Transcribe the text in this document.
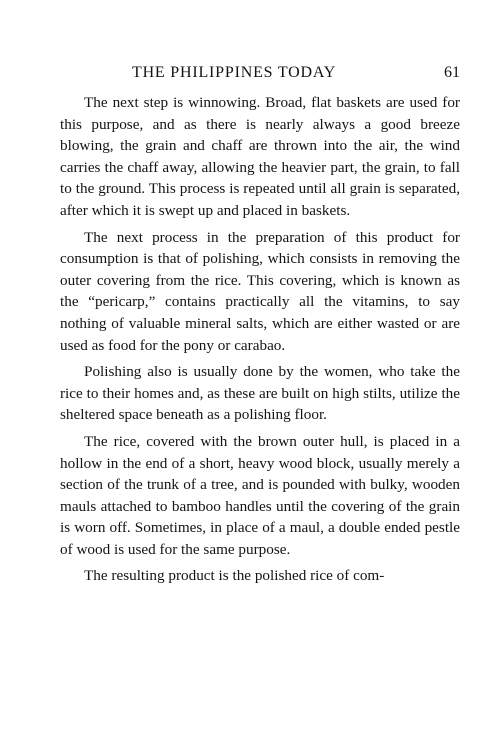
THE PHILIPPINES TODAY	61

The next step is winnowing. Broad, flat baskets are used for this purpose, and as there is nearly always a good breeze blowing, the grain and chaff are thrown into the air, the wind carries the chaff away, allowing the heavier part, the grain, to fall to the ground. This process is repeated until all grain is separated, after which it is swept up and placed in baskets.

The next process in the preparation of this product for consumption is that of polishing, which consists in removing the outer covering from the rice. This covering, which is known as the “pericarp,” contains practically all the vitamins, to say nothing of valuable mineral salts, which are either wasted or are used as food for the pony or carabao.

Polishing also is usually done by the women, who take the rice to their homes and, as these are built on high stilts, utilize the sheltered space beneath as a polishing floor.

The rice, covered with the brown outer hull, is placed in a hollow in the end of a short, heavy wood block, usually merely a section of the trunk of a tree, and is pounded with bulky, wooden mauls attached to bamboo handles until the covering of the grain is worn off. Sometimes, in place of a maul, a double ended pestle of wood is used for the same purpose.

The resulting product is the polished rice of com-
